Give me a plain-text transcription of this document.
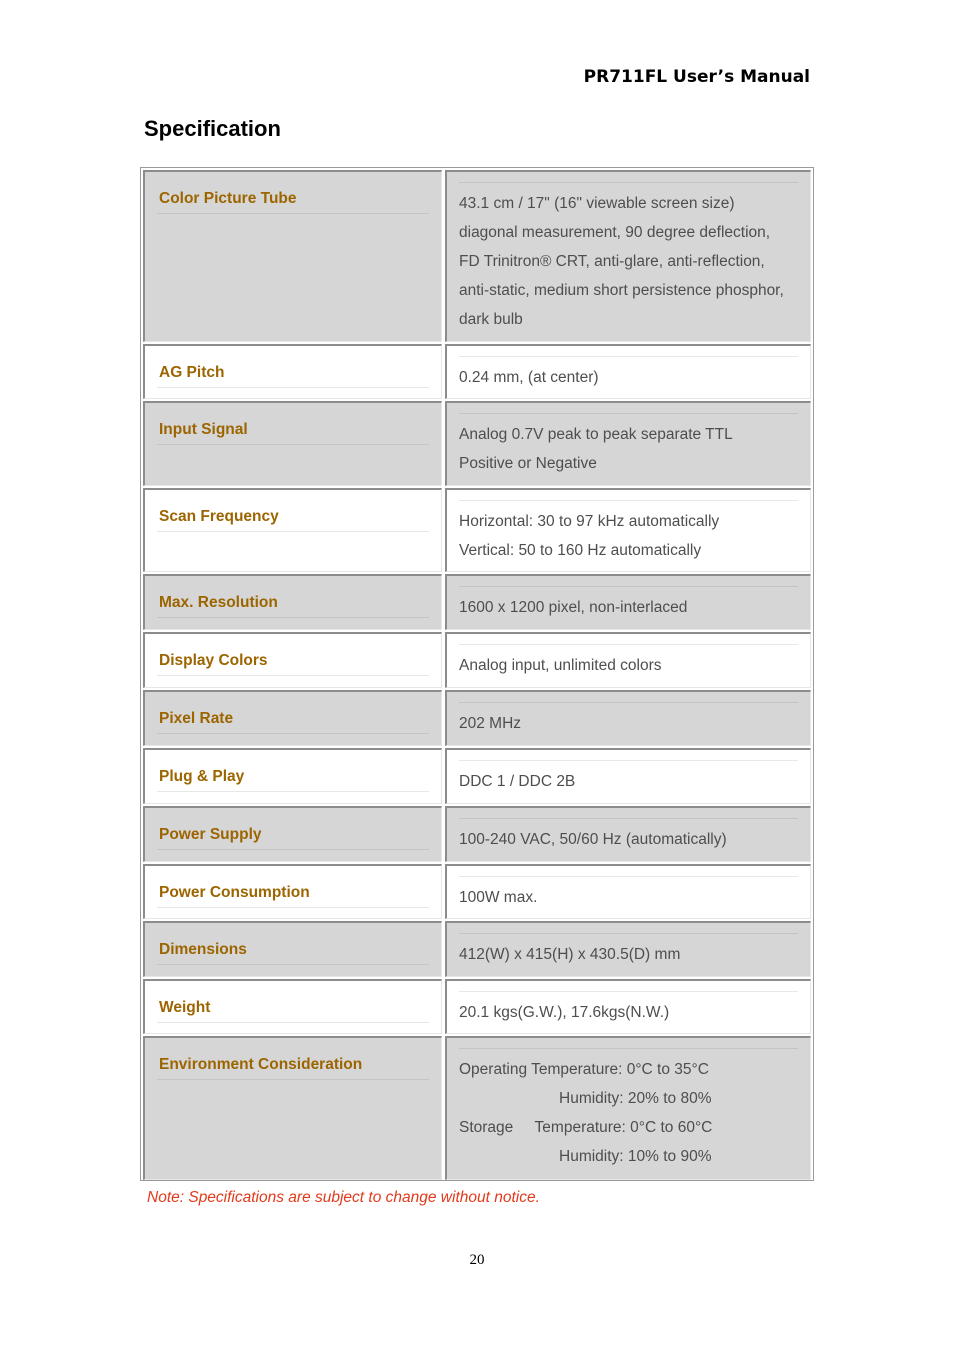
PR711FL User’s Manual
Specification
Color Picture Tube	43.1 cm / 17" (16" viewable screen size)
diagonal measurement, 90 degree deflection,
FD Trinitron® CRT, anti-glare, anti-reflection,
anti-static, medium short persistence phosphor,
dark bulb
AG Pitch	0.24 mm, (at center)
Input Signal	Analog 0.7V peak to peak separate TTL
Positive or Negative
Scan Frequency	Horizontal: 30 to 97 kHz automatically
Vertical: 50 to 160 Hz automatically
Max. Resolution	1600 x 1200 pixel, non-interlaced
Display Colors	Analog input, unlimited colors
Pixel Rate	202 MHz
Plug & Play	DDC 1 / DDC 2B
Power Supply	100-240 VAC, 50/60 Hz (automatically)
Power Consumption	100W max.
Dimensions	412(W) x 415(H) x 430.5(D) mm
Weight	20.1 kgs(G.W.), 17.6kgs(N.W.)
Environment Consideration	Operating Temperature: 0°C to 35°C
Humidity: 20% to 80%
Storage     Temperature: 0°C to 60°C
Humidity: 10% to 90%
Note: Specifications are subject to change without notice.
20
